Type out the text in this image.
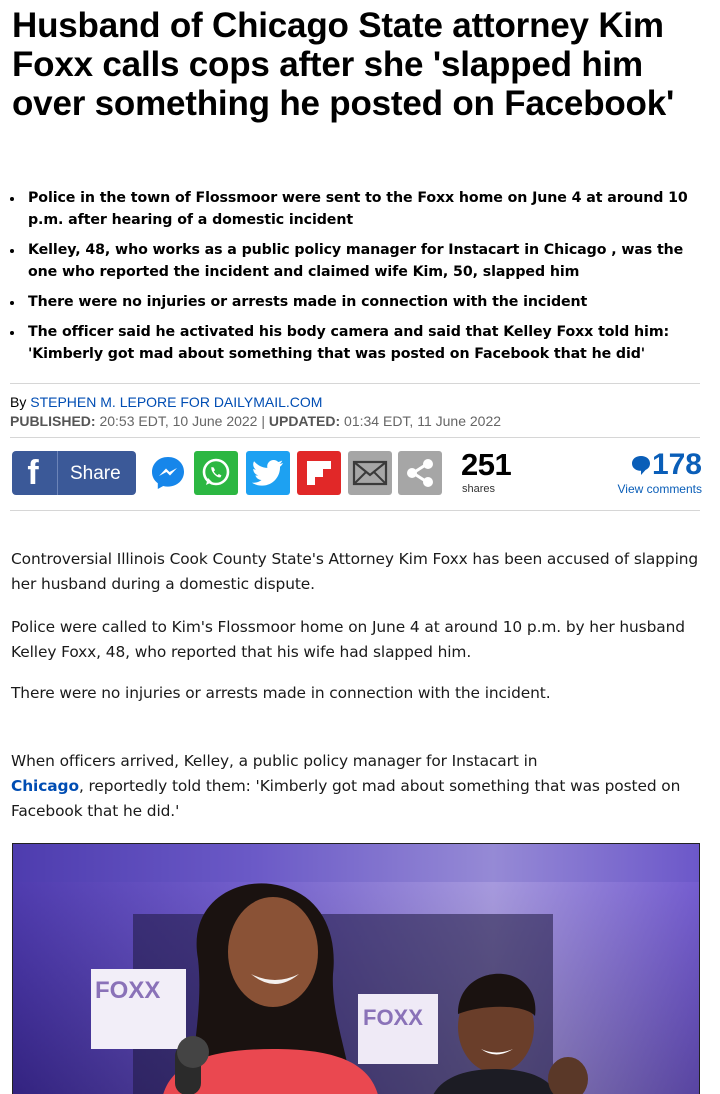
Husband of Chicago State attorney Kim Foxx calls cops after she 'slapped him over something he posted on Facebook'
Police in the town of Flossmoor were sent to the Foxx home on June 4 at around 10 p.m. after hearing of a domestic incident
Kelley, 48, who works as a public policy manager for Instacart in Chicago , was the one who reported the incident and claimed wife Kim, 50, slapped him
There were no injuries or arrests made in connection with the incident
The officer said he activated his body camera and said that Kelley Foxx told him: 'Kimberly got mad about something that was posted on Facebook that he did'
By STEPHEN M. LEPORE FOR DAILYMAIL.COM
PUBLISHED: 20:53 EDT, 10 June 2022 | UPDATED: 01:34 EDT, 11 June 2022
f	Share	251
shares
178
View comments

Controversial Illinois Cook County State's Attorney Kim Foxx has been accused of slapping her husband during a domestic dispute.

Police were called to Kim's Flossmoor home on June 4 at around 10 p.m. by her husband Kelley Foxx, 48, who reported that his wife had slapped him.

There were no injuries or arrests made in connection with the incident.

When officers arrived, Kelley, a public policy manager for Instacart in
Chicago, reportedly told them: 'Kimberly got mad about something that was posted on Facebook that he did.'

FOXX
FOXX
